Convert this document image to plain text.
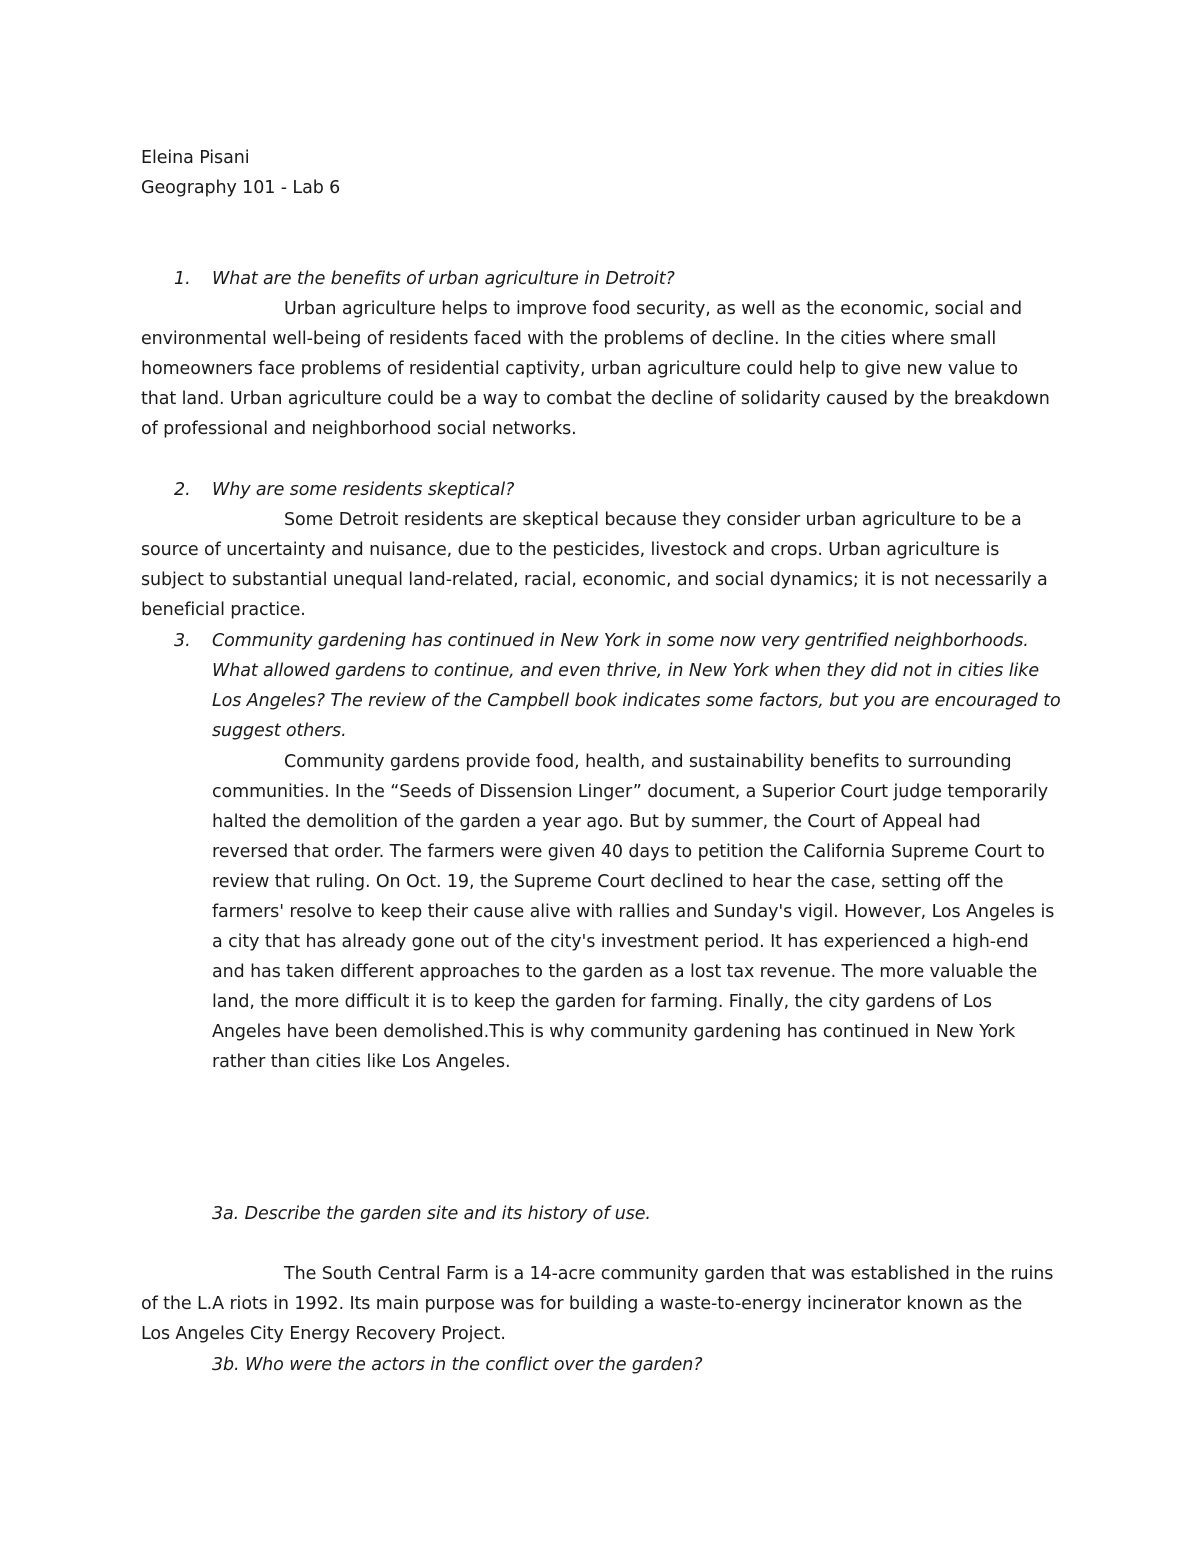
Eleina Pisani
Geography 101 - Lab 6
1. What are the benefits of urban agriculture in Detroit?
Urban agriculture helps to improve food security, as well as the economic, social and
environmental well-being of residents faced with the problems of decline. In the cities where small
homeowners face problems of residential captivity, urban agriculture could help to give new value to
that land. Urban agriculture could be a way to combat the decline of solidarity caused by the breakdown
of professional and neighborhood social networks.
2. Why are some residents skeptical?
Some Detroit residents are skeptical because they consider urban agriculture to be a
source of uncertainty and nuisance, due to the pesticides, livestock and crops. Urban agriculture is
subject to substantial unequal land-related, racial, economic, and social dynamics; it is not necessarily a
beneficial practice.
3. Community gardening has continued in New York in some now very gentrified neighborhoods.
What allowed gardens to continue, and even thrive, in New York when they did not in cities like
Los Angeles? The review of the Campbell book indicates some factors, but you are encouraged to
suggest others.
Community gardens provide food, health, and sustainability benefits to surrounding
communities. In the “Seeds of Dissension Linger” document, a Superior Court judge temporarily
halted the demolition of the garden a year ago. But by summer, the Court of Appeal had
reversed that order. The farmers were given 40 days to petition the California Supreme Court to
review that ruling. On Oct. 19, the Supreme Court declined to hear the case, setting off the
farmers' resolve to keep their cause alive with rallies and Sunday's vigil. However, Los Angeles is
a city that has already gone out of the city's investment period. It has experienced a high-end
and has taken different approaches to the garden as a lost tax revenue. The more valuable the
land, the more difficult it is to keep the garden for farming. Finally, the city gardens of Los
Angeles have been demolished.This is why community gardening has continued in New York
rather than cities like Los Angeles.
3a. Describe the garden site and its history of use.
The South Central Farm is a 14-acre community garden that was established in the ruins
of the L.A riots in 1992. Its main purpose was for building a waste-to-energy incinerator known as the
Los Angeles City Energy Recovery Project.
3b. Who were the actors in the conflict over the garden?
